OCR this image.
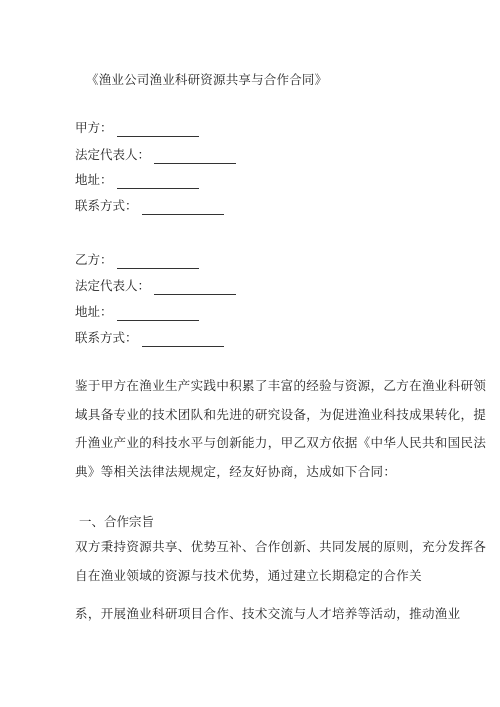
《渔业公司渔业科研资源共享与合作合同》
甲方：
法定代表人：
地址：
联系方式：
乙方：
法定代表人：
地址：
联系方式：
鉴于甲方在渔业生产实践中积累了丰富的经验与资源，乙方在渔业科研领
域具备专业的技术团队和先进的研究设备，为促进渔业科技成果转化，提
升渔业产业的科技水平与创新能力，甲乙双方依据《中华人民共和国民法
典》等相关法律法规规定，经友好协商，达成如下合同：
一、合作宗旨
双方秉持资源共享、优势互补、合作创新、共同发展的原则，充分发挥各
自在渔业领域的资源与技术优势，通过建立长期稳定的合作关
系，开展渔业科研项目合作、技术交流与人才培养等活动，推动渔业
